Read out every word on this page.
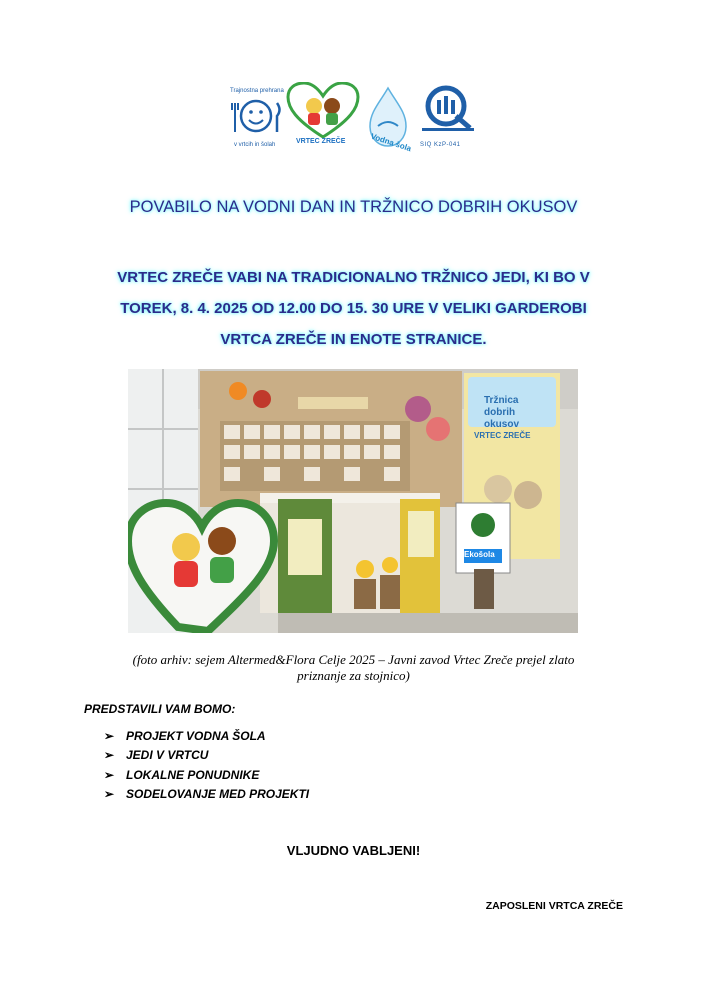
Trajnostna prehrana
v vrtcih in šolah	VRTEC ZREČE	Vodna šola SIQ KzP-041
POVABILO NA VODNI DAN IN TRŽNICO DOBRIH OKUSOV
VRTEC ZREČE VABI NA TRADICIONALNO TRŽNICO JEDI, KI BO V
TOREK, 8. 4. 2025 OD 12.00 DO 15. 30 URE V VELIKI GARDEROBI
VRTCA ZREČE IN ENOTE STRANICE.
Tržnica
dobrih
okusov
VRTEC ZREČE
Ekošola
(foto arhiv: sejem Altermed&Flora Celje 2025 – Javni zavod Vrtec Zreče prejel zlato
priznanje za stojnico)
PREDSTAVILI VAM BOMO:
➢ PROJEKT VODNA ŠOLA
➢ JEDI V VRTCU
➢ LOKALNE PONUDNIKE
➢ SODELOVANJE MED PROJEKTI
VLJUDNO VABLJENI!
ZAPOSLENI VRTCA ZREČE
